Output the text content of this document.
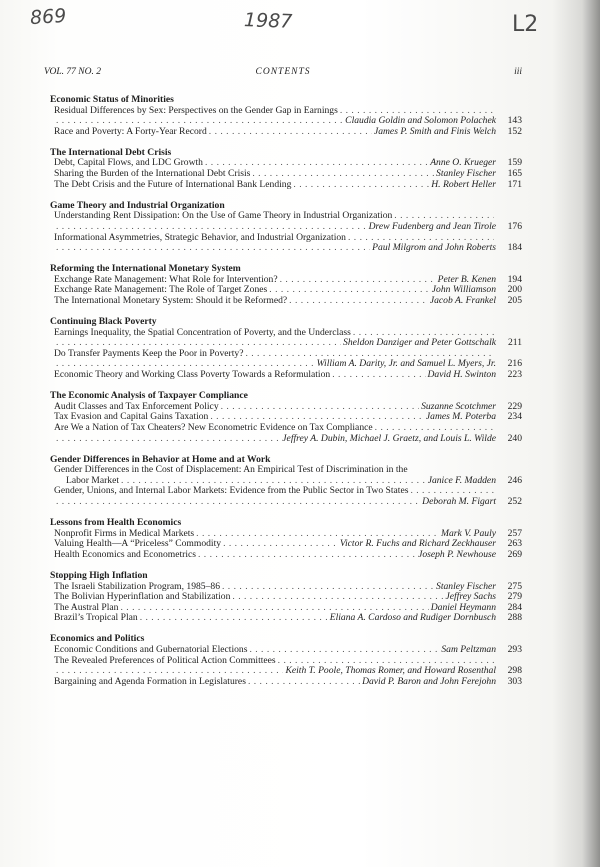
869	1987	L2
VOL. 77 NO. 2	CONTENTS	iii
Economic Status of Minorities
Residual Differences by Sex: Perspectives on the Gender Gap in Earnings
. . .
. . .
Claudia Goldin and Solomon Polachek	143
Race and Poverty: A Forty-Year Record . . .	James P. Smith and Finis Welch	152
The International Debt Crisis
Debt, Capital Flows, and LDC Growth . . .	Anne O. Krueger	159
Sharing the Burden of the International Debt Crisis . . .	Stanley Fischer	165
The Debt Crisis and the Future of International Bank Lending . . .	H. Robert Heller	171
Game Theory and Industrial Organization
Understanding Rent Dissipation: On the Use of Game Theory in Industrial Organization
. . .
. . .
Drew Fudenberg and Jean Tirole	176
Informational Asymmetries, Strategic Behavior, and Industrial Organization
. . .
. . .
Paul Milgrom and John Roberts	184
Reforming the International Monetary System
Exchange Rate Management: What Role for Intervention? . . .	Peter B. Kenen	194
Exchange Rate Management: The Role of Target Zones . . .	John Williamson	200
The International Monetary System: Should it be Reformed? . . .	Jacob A. Frankel	205
Continuing Black Poverty
Earnings Inequality, the Spatial Concentration of Poverty, and the Underclass
. . .
. . .
Sheldon Danziger and Peter Gottschalk	211
Do Transfer Payments Keep the Poor in Poverty?
. . .
. . .
William A. Darity, Jr. and Samuel L. Myers, Jr.	216
Economic Theory and Working Class Poverty Towards a Reformulation . . .	David H. Swinton	223
The Economic Analysis of Taxpayer Compliance
Audit Classes and Tax Enforcement Policy . . .	Suzanne Scotchmer	229
Tax Evasion and Capital Gains Taxation . . .	James M. Poterba	234
Are We a Nation of Tax Cheaters? New Econometric Evidence on Tax Compliance
. . .
. . .
Jeffrey A. Dubin, Michael J. Graetz, and Louis L. Wilde	240
Gender Differences in Behavior at Home and at Work
Gender Differences in the Cost of Displacement: An Empirical Test of Discrimination in the
Labor Market . . .	Janice F. Madden	246
Gender, Unions, and Internal Labor Markets: Evidence from the Public Sector in Two States
. . .
. . .
Deborah M. Figart	252
Lessons from Health Economics
Nonprofit Firms in Medical Markets . . .	Mark V. Pauly	257
Valuing Health—A “Priceless” Commodity . . .	Victor R. Fuchs and Richard Zeckhauser	263
Health Economics and Econometrics . . .	Joseph P. Newhouse	269
Stopping High Inflation
The Israeli Stabilization Program, 1985–86 . . .	Stanley Fischer	275
The Bolivian Hyperinflation and Stabilization . . .	Jeffrey Sachs	279
The Austral Plan . . .	Daniel Heymann	284
Brazil’s Tropical Plan . . .	Eliana A. Cardoso and Rudiger Dornbusch	288
Economics and Politics
Economic Conditions and Gubernatorial Elections . . .	Sam Peltzman	293
The Revealed Preferences of Political Action Committees
. . .
. . .
Keith T. Poole, Thomas Romer, and Howard Rosenthal	298
Bargaining and Agenda Formation in Legislatures . . .	David P. Baron and John Ferejohn	303
